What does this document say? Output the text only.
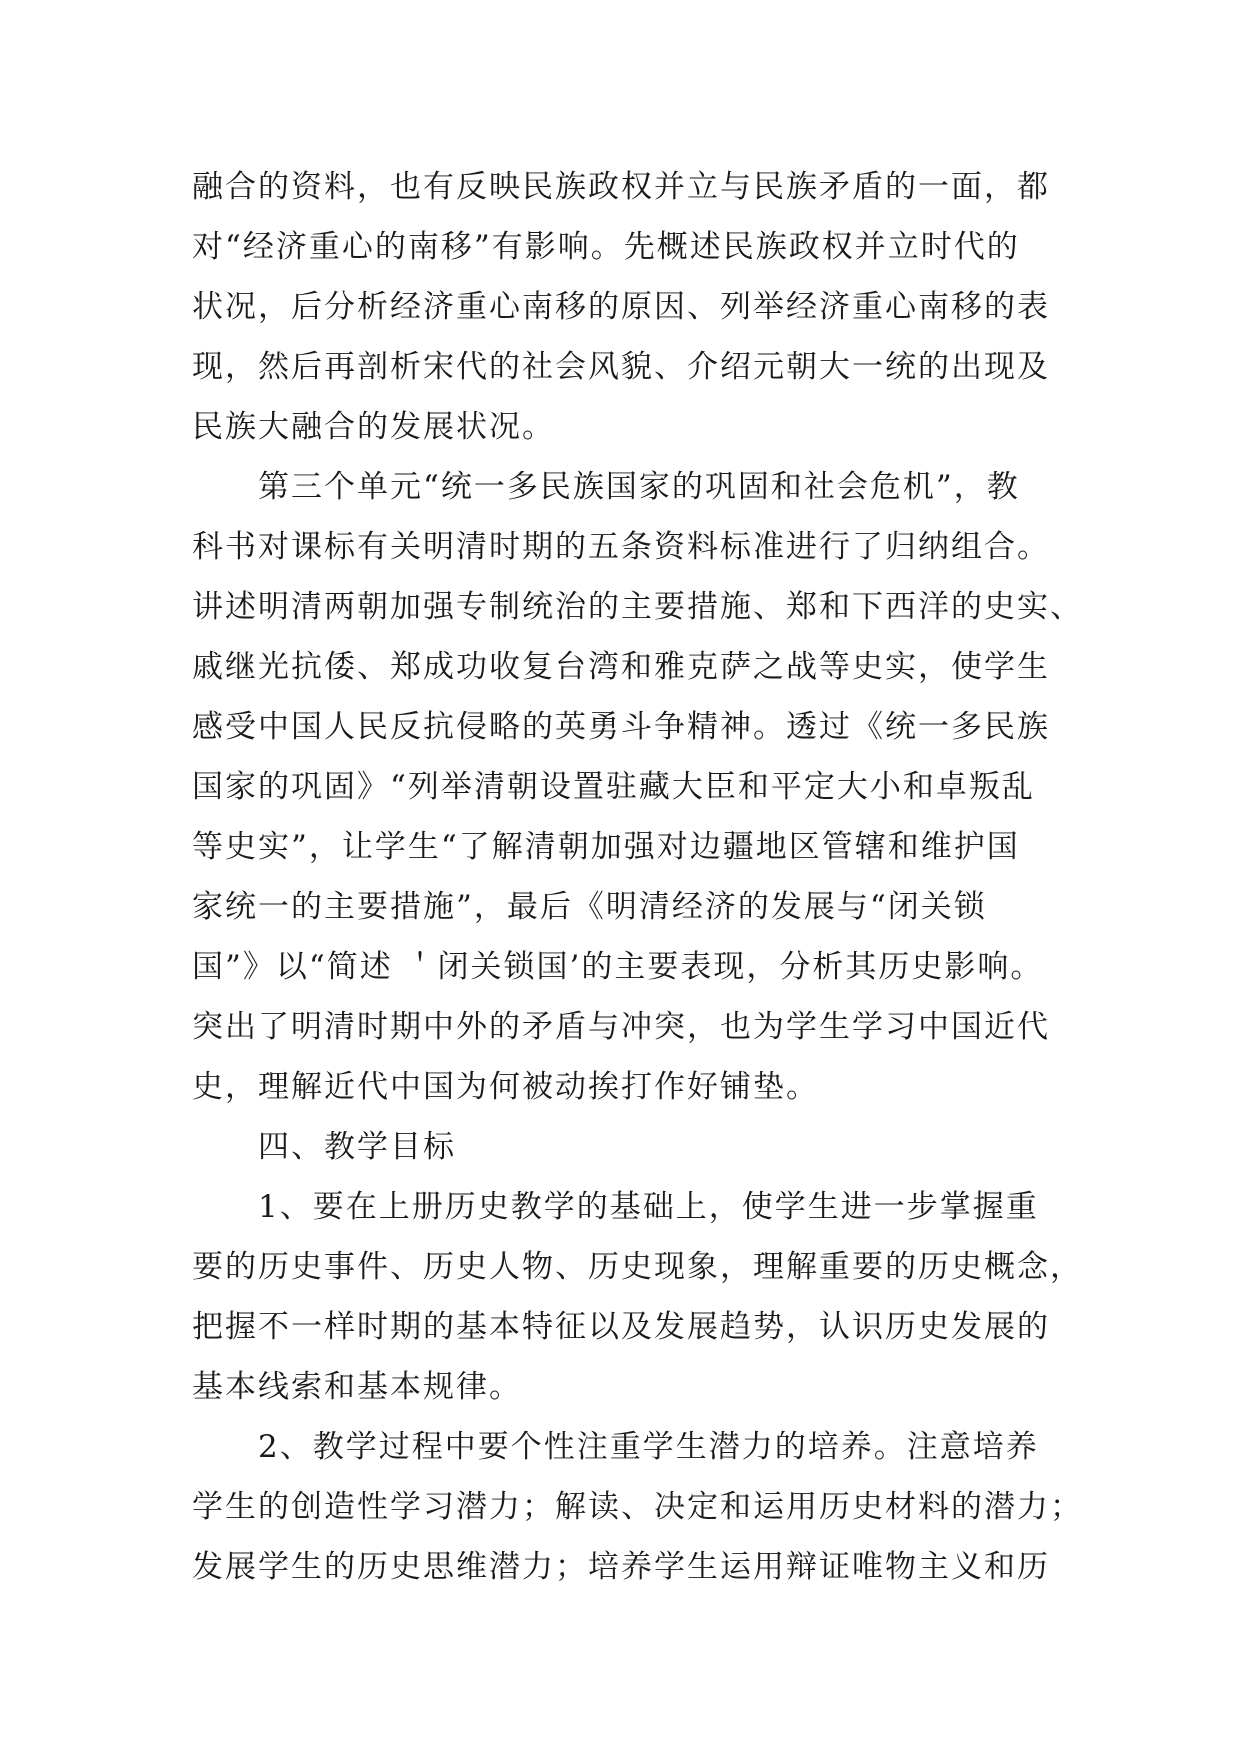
融合的资料，也有反映民族政权并立与民族矛盾的一面，都
对“经济重心的南移”有影响。先概述民族政权并立时代的
状况，后分析经济重心南移的原因、列举经济重心南移的表
现，然后再剖析宋代的社会风貌、介绍元朝大一统的出现及
民族大融合的发展状况。
　　第三个单元“统一多民族国家的巩固和社会危机”，教
科书对课标有关明清时期的五条资料标准进行了归纳组合。
讲述明清两朝加强专制统治的主要措施、郑和下西洋的史实、
戚继光抗倭、郑成功收复台湾和雅克萨之战等史实，使学生
感受中国人民反抗侵略的英勇斗争精神。透过《统一多民族
国家的巩固》“列举清朝设置驻藏大臣和平定大小和卓叛乱
等史实”，让学生“了解清朝加强对边疆地区管辖和维护国
家统一的主要措施”，最后《明清经济的发展与“闭关锁
国”》以“简述 ＇闭关锁国’的主要表现，分析其历史影响。
突出了明清时期中外的矛盾与冲突，也为学生学习中国近代
史，理解近代中国为何被动挨打作好铺垫。
　　四、教学目标
　　1、要在上册历史教学的基础上，使学生进一步掌握重
要的历史事件、历史人物、历史现象，理解重要的历史概念，
把握不一样时期的基本特征以及发展趋势，认识历史发展的
基本线索和基本规律。
　　2、教学过程中要个性注重学生潜力的培养。注意培养
学生的创造性学习潜力；解读、决定和运用历史材料的潜力；
发展学生的历史思维潜力；培养学生运用辩证唯物主义和历
